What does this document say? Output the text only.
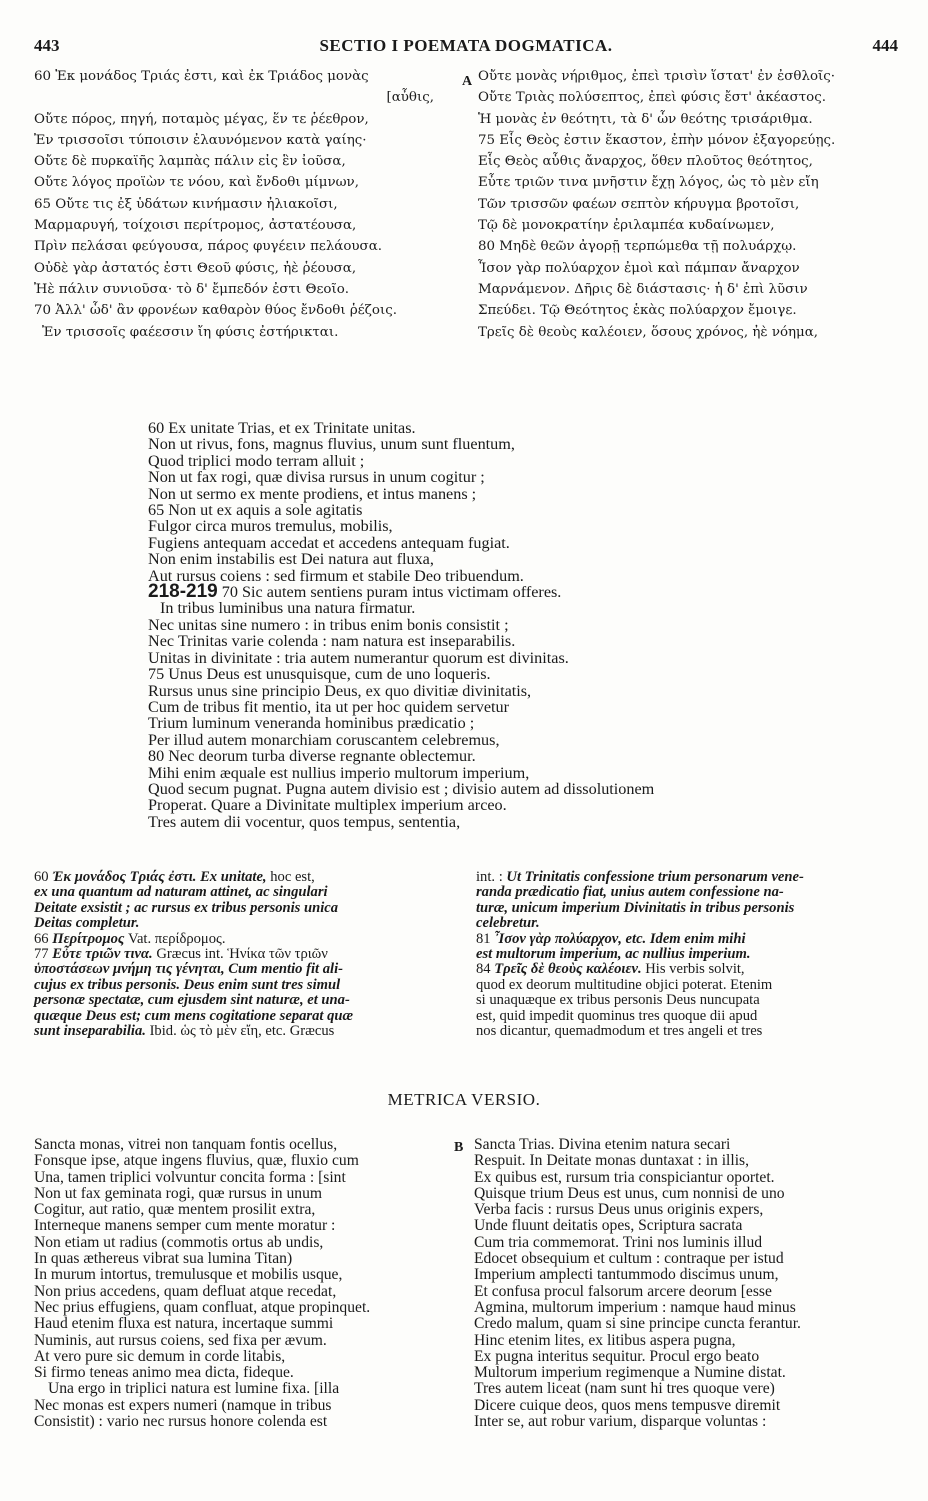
443	SECTIO I POEMATA DOGMATICA.	444
60 Ἐκ μονάδος Τριάς ἐστι, καὶ ἐκ Τριάδος μονὰς
[αὖθις,
Οὔτε πόρος, πηγή, ποταμὸς μέγας, ἕν τε ῥέεθρον,
Ἐν τρισσοῖσι τύποισιν ἐλαυνόμενον κατὰ γαίης·
Οὔτε δὲ πυρκαϊῆς λαμπὰς πάλιν εἰς ἓν ἰοῦσα,
Οὔτε λόγος προϊὼν τε νόου, καὶ ἔνδοθι μίμνων,
65 Οὔτε τις ἐξ ὑδάτων κινήμασιν ἠλιακοῖσι,
Μαρμαρυγή, τοίχοισι περίτρομος, ἀστατέουσα,
Πρὶν πελάσαι φεύγουσα, πάρος φυγέειν πελάουσα.
Οὐδὲ γὰρ ἀστατός ἐστι Θεοῦ φύσις, ἠὲ ῥέουσα,
Ἠὲ πάλιν συνιοῦσα· τὸ δ' ἔμπεδόν ἐστι Θεοῖο.
70 Ἀλλ' ὧδ' ἂν φρονέων καθαρὸν θύος ἔνδοθι ῥέζοις.
Ἐν τρισσοῖς φαέεσσιν ἴη φύσις ἐστήρικται.
A Οὔτε μονὰς νήριθμος, ἐπεὶ τρισὶν ἵστατ' ἐν ἐσθλοῖς·
Οὔτε Τριὰς πολύσεπτος, ἐπεὶ φύσις ἔστ' ἀκέαστος.
Ἡ μονὰς ἐν θεότητι, τὰ δ' ὧν θεότης τρισάριθμα.
75 Εἷς Θεὸς ἐστιν ἕκαστον, ἐπὴν μόνον ἐξαγορεύῃς.
Εἷς Θεὸς αὖθις ἄναρχος, ὅθεν πλοῦτος θεότητος,
Εὖτε τριῶν τινα μνῆστιν ἔχῃ λόγος, ὡς τὸ μὲν εἴη
Τῶν τρισσῶν φαέων σεπτὸν κήρυγμα βροτοῖσι,
Τῷ δὲ μονοκρατίην ἐριλαμπέα κυδαίνωμεν,
80 Μηδὲ θεῶν ἀγορῇ τερπώμεθα τῇ πολυάρχῳ.
Ἶσον γὰρ πολύαρχον ἐμοὶ καὶ πάμπαν ἄναρχον
Μαρνάμενον. Δῆρις δὲ διάστασις· ἡ δ' ἐπὶ λῦσιν
Σπεύδει. Τῷ Θεότητος ἑκὰς πολύαρχον ἔμοιγε.
Τρεῖς δὲ θεοὺς καλέοιεν, ὅσους χρόνος, ἠὲ νόημα,
60 Ex unitate Trias, et ex Trinitate unitas.
Non ut rivus, fons, magnus fluvius, unum sunt fluentum,
Quod triplici modo terram alluit ;
Non ut fax rogi, quæ divisa rursus in unum cogitur ;
Non ut sermo ex mente prodiens, et intus manens ;
65 Non ut ex aquis a sole agitatis
Fulgor circa muros tremulus, mobilis,
Fugiens antequam accedat et accedens antequam fugiat.
Non enim instabilis est Dei natura aut fluxa,
Aut rursus coiens : sed firmum et stabile Deo tribuendum.
218-219 70 Sic autem sentiens puram intus victimam offeres.
In tribus luminibus una natura firmatur.
Nec unitas sine numero : in tribus enim bonis consistit ;
Nec Trinitas varie colenda : nam natura est inseparabilis.
Unitas in divinitate : tria autem numerantur quorum est divinitas.
75 Unus Deus est unusquisque, cum de uno loqueris.
Rursus unus sine principio Deus, ex quo divitiæ divinitatis,
Cum de tribus fit mentio, ita ut per hoc quidem servetur
Trium luminum veneranda hominibus prædicatio ;
Per illud autem monarchiam coruscantem celebremus,
80 Nec deorum turba diverse regnante oblectemur.
Mihi enim æquale est nullius imperio multorum imperium,
Quod secum pugnat. Pugna autem divisio est ; divisio autem ad dissolutionem
Properat. Quare a Divinitate multiplex imperium arceo.
Tres autem dii vocentur, quos tempus, sententia,
60 Ἐκ μονάδος Τριάς ἐστι. Ex unitate, hoc est,
ex una quantum ad naturam attinet, ac singulari
Deitate exsistit ; ac rursus ex tribus personis unica
Deitas completur.
66 Περίτρομος Vat. περίδρομος.
77 Εὖτε τριῶν τινα. Græcus int. Ἡνίκα τῶν τριῶν
ὑποστάσεων μνήμη τις γένηται, Cum mentio fit ali-
cujus ex tribus personis. Deus enim sunt tres simul
personæ spectatæ, cum ejusdem sint naturæ, et una-
quæque Deus est; cum mens cogitatione separat quæ
sunt inseparabilia. Ibid. ὡς τὸ μὲν εἴη, etc. Græcus
int. : Ut Trinitatis confessione trium personarum vene-
randa prædicatio fiat, unius autem confessione na-
turæ, unicum imperium Divinitatis in tribus personis
celebretur.
81 Ἶσον γὰρ πολύαρχον, etc. Idem enim mihi
est multorum imperium, ac nullius imperium.
84 Τρεῖς δὲ θεοὺς καλέοιεν. His verbis solvit,
quod ex deorum multitudine objici poterat. Etenim
si unaquæque ex tribus personis Deus nuncupata
est, quid impedit quominus tres quoque dii apud
nos dicantur, quemadmodum et tres angeli et tres
METRICA VERSIO.
Sancta monas, vitrei non tanquam fontis ocellus,
Fonsque ipse, atque ingens fluvius, quæ, fluxio cum
Una, tamen triplici volvuntur concita forma : [sint
Non ut fax geminata rogi, quæ rursus in unum
Cogitur, aut ratio, quæ mentem prosilit extra,
Interneque manens semper cum mente moratur :
Non etiam ut radius (commotis ortus ab undis,
In quas æthereus vibrat sua lumina Titan)
In murum intortus, tremulusque et mobilis usque,
Non prius accedens, quam defluat atque recedat,
Nec prius effugiens, quam confluat, atque propinquet.
Haud etenim fluxa est natura, incertaque summi
Numinis, aut rursus coiens, sed fixa per ævum.
At vero pure sic demum in corde litabis,
Si firmo teneas animo mea dicta, fideque.
Una ergo in triplici natura est lumine fixa. [illa
Nec monas est expers numeri (namque in tribus
Consistit) : vario nec rursus honore colenda est
B Sancta Trias. Divina etenim natura secari
Respuit. In Deitate monas duntaxat : in illis,
Ex quibus est, rursum tria conspiciantur oportet.
Quisque trium Deus est unus, cum nonnisi de uno
Verba facis : rursus Deus unus originis expers,
Unde fluunt deitatis opes, Scriptura sacrata
Cum tria commemorat. Trini nos luminis illud
Edocet obsequium et cultum : contraque per istud
Imperium amplecti tantummodo discimus unum,
Et confusa procul falsorum arcere deorum [esse
Agmina, multorum imperium : namque haud minus
Credo malum, quam si sine principe cuncta ferantur.
Hinc etenim lites, ex litibus aspera pugna,
Ex pugna interitus sequitur. Procul ergo beato
Multorum imperium regimenque a Numine distat.
Tres autem liceat (nam sunt hi tres quoque vere)
Dicere cuique deos, quos mens tempusve diremit
Inter se, aut robur varium, disparque voluntas :
